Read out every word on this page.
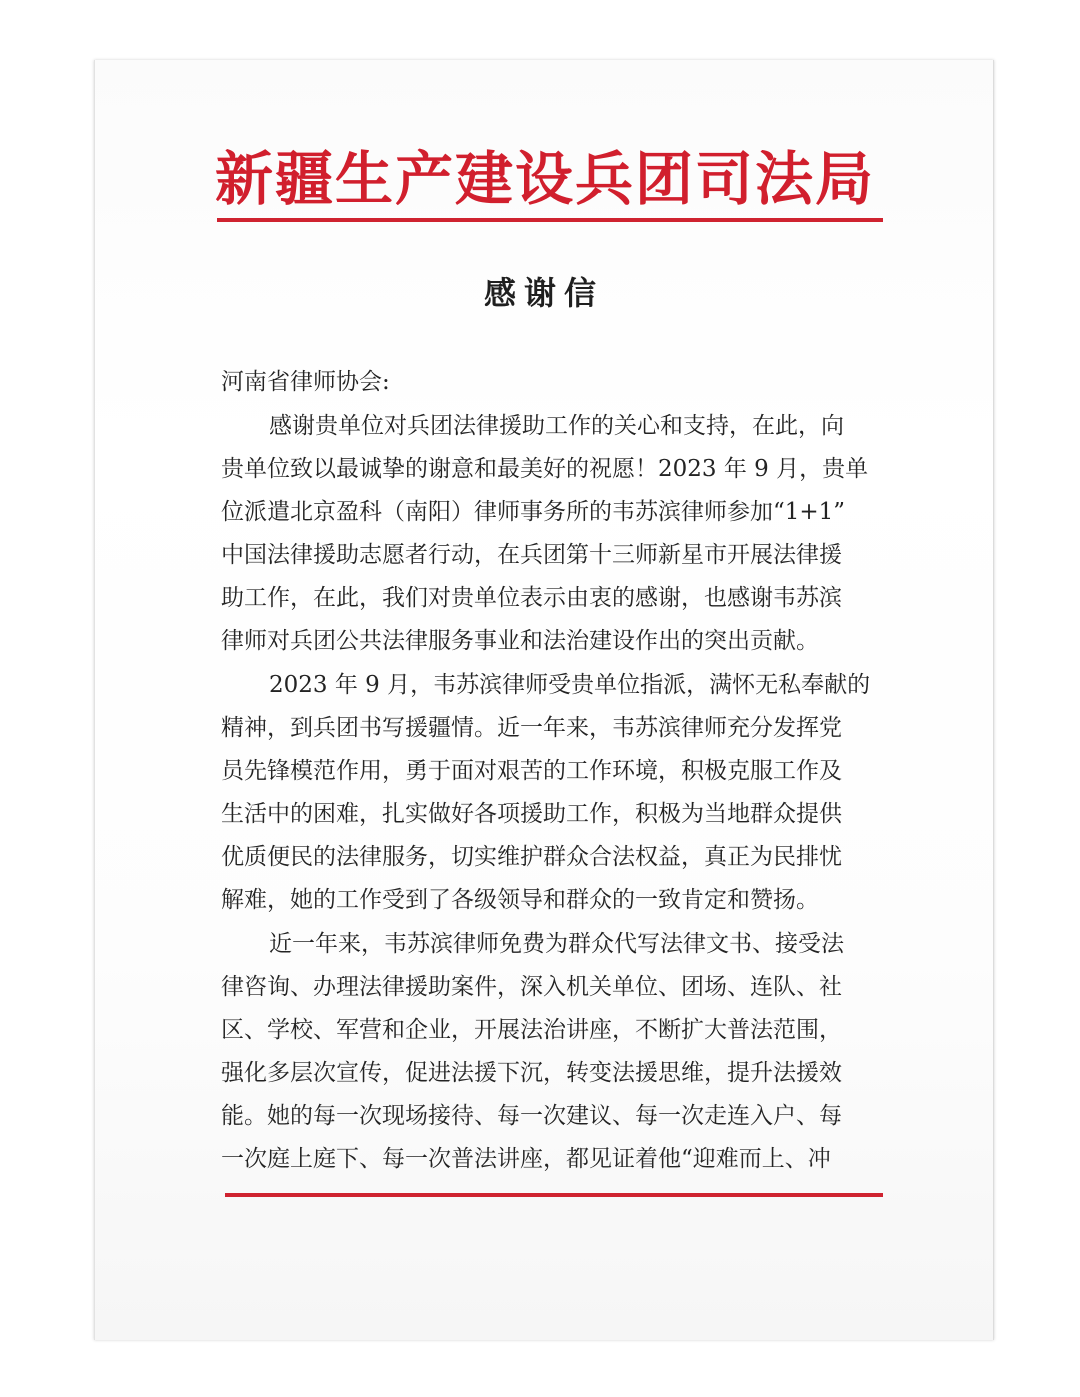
新疆生产建设兵团司法局
感谢信
河南省律师协会:
感谢贵单位对兵团法律援助工作的关心和支持，在此，向
贵单位致以最诚挚的谢意和最美好的祝愿！2023 年 9 月，贵单
位派遣北京盈科（南阳）律师事务所的韦苏滨律师参加“1+1”
中国法律援助志愿者行动，在兵团第十三师新星市开展法律援
助工作，在此，我们对贵单位表示由衷的感谢，也感谢韦苏滨
律师对兵团公共法律服务事业和法治建设作出的突出贡献。
2023 年 9 月，韦苏滨律师受贵单位指派，满怀无私奉献的
精神，到兵团书写援疆情。近一年来，韦苏滨律师充分发挥党
员先锋模范作用，勇于面对艰苦的工作环境，积极克服工作及
生活中的困难，扎实做好各项援助工作，积极为当地群众提供
优质便民的法律服务，切实维护群众合法权益，真正为民排忧
解难，她的工作受到了各级领导和群众的一致肯定和赞扬。
近一年来，韦苏滨律师免费为群众代写法律文书、接受法
律咨询、办理法律援助案件，深入机关单位、团场、连队、社
区、学校、军营和企业，开展法治讲座，不断扩大普法范围，
强化多层次宣传，促进法援下沉，转变法援思维，提升法援效
能。她的每一次现场接待、每一次建议、每一次走连入户、每
一次庭上庭下、每一次普法讲座，都见证着他“迎难而上、冲
